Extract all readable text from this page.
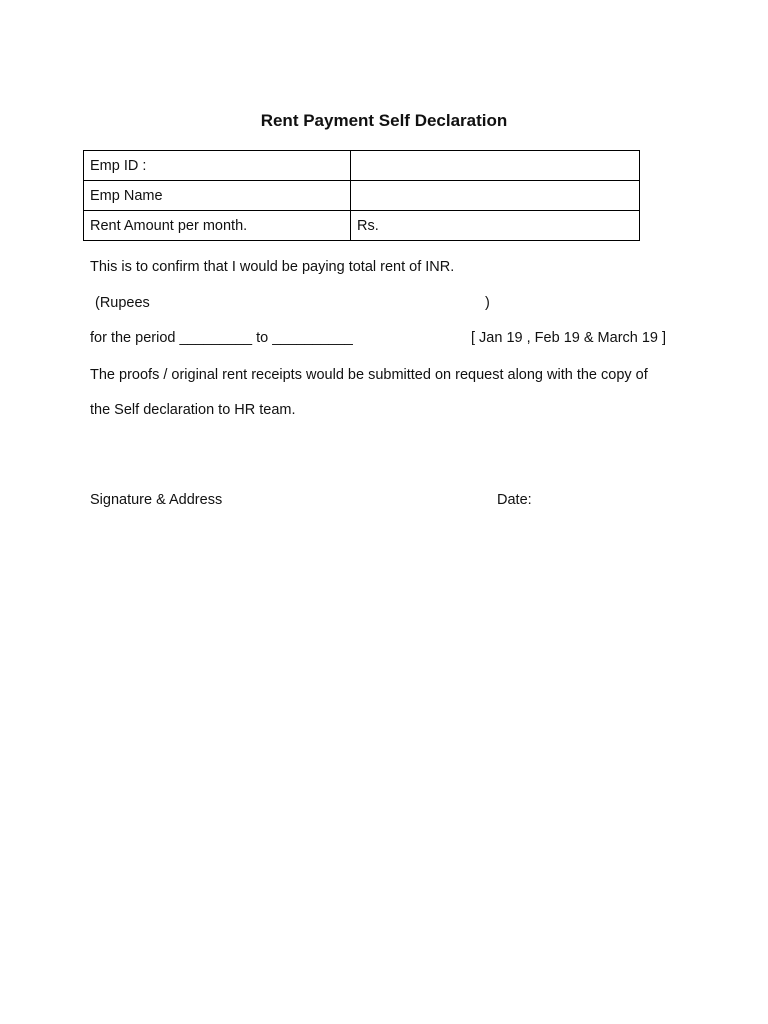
Rent Payment Self Declaration
Emp ID :	
Emp Name	
Rent Amount per month.	Rs.
This is to confirm that I would be paying total rent of INR.
(Rupees	)
for the period _________ to __________	[ Jan 19 , Feb 19 & March 19 ]
The proofs / original rent receipts would be submitted on request along with the copy of
the Self declaration to HR team.
Signature & Address	Date:
